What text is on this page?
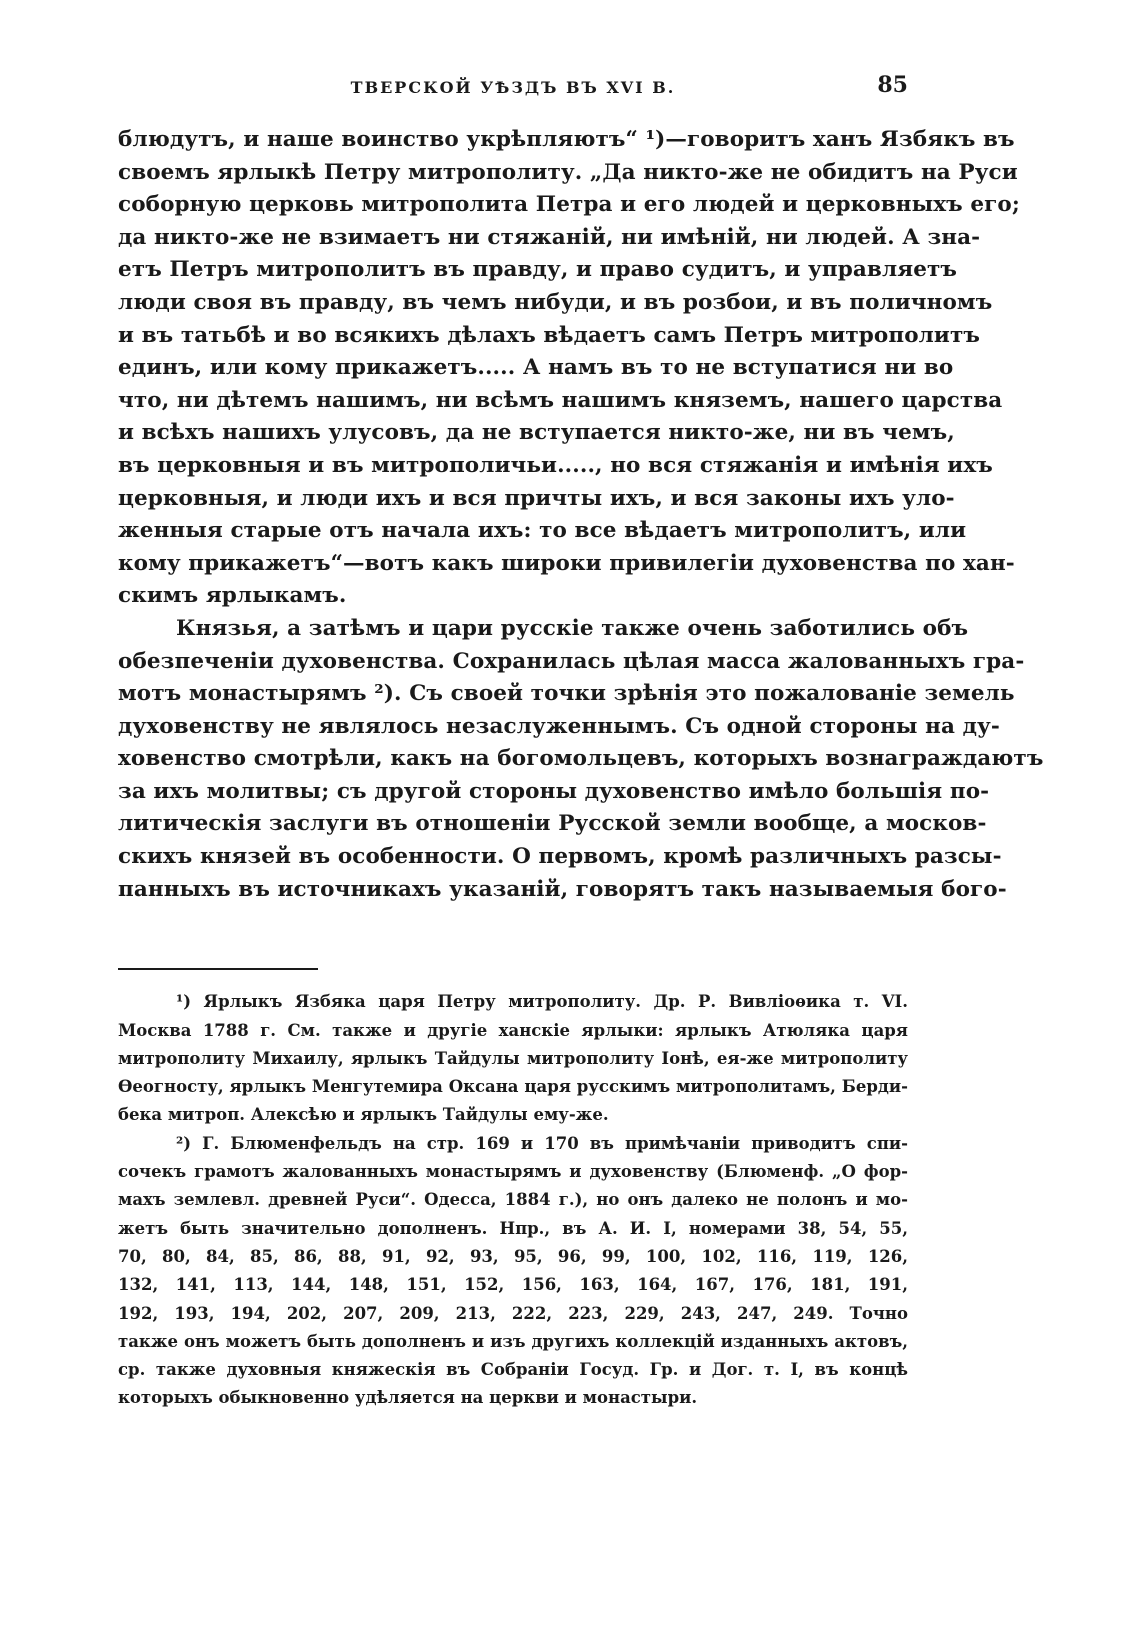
ТВЕРСКОЙ УѢЗДЪ ВЪ XVI В.	85
блюдутъ, и наше воинство укрѣпляютъ“ ¹)—говоритъ ханъ Язбякъ въ
своемъ ярлыкѣ Петру митрополиту. „Да никто-же не обидитъ на Руси
соборную церковь митрополита Петра и его людей и церковныхъ его;
да никто-же не взимаетъ ни стяжаній, ни имѣній, ни людей. А зна-
етъ Петръ митрополитъ въ правду, и право судитъ, и управляетъ
люди своя въ правду, въ чемъ нибуди, и въ розбои, и въ поличномъ
и въ татьбѣ и во всякихъ дѣлахъ вѣдаетъ самъ Петръ митрополитъ
единъ, или кому прикажетъ..... А намъ въ то не вступатися ни во
что, ни дѣтемъ нашимъ, ни всѣмъ нашимъ княземъ, нашего царства
и всѣхъ нашихъ улусовъ, да не вступается никто-же, ни въ чемъ,
въ церковныя и въ митрополичьи....., но вся стяжанія и имѣнія ихъ
церковныя, и люди ихъ и вся причты ихъ, и вся законы ихъ уло-
женныя старые отъ начала ихъ: то все вѣдаетъ митрополитъ, или
кому прикажетъ“—вотъ какъ широки привилегіи духовенства по хан-
скимъ ярлыкамъ.
Князья, а затѣмъ и цари русскіе также очень заботились объ
обезпеченіи духовенства. Сохранилась цѣлая масса жалованныхъ гра-
мотъ монастырямъ ²). Съ своей точки зрѣнія это пожалованіе земель
духовенству не являлось незаслуженнымъ. Съ одной стороны на ду-
ховенство смотрѣли, какъ на богомольцевъ, которыхъ вознаграждаютъ
за ихъ молитвы; съ другой стороны духовенство имѣло большія по-
литическія заслуги въ отношеніи Русской земли вообще, а москов-
скихъ князей въ особенности. О первомъ, кромѣ различныхъ разсы-
панныхъ въ источникахъ указаній, говорятъ такъ называемыя бого-
¹) Ярлыкъ Язбяка царя Петру митрополиту. Др. Р. Вивліоѳика т. VI.
Москва 1788 г. См. также и другіе ханскіе ярлыки: ярлыкъ Атюляка царя
митрополиту Михаилу, ярлыкъ Тайдулы митрополиту Іонѣ, ея-же митрополиту
Ѳеогносту, ярлыкъ Менгутемира Оксана царя русскимъ митрополитамъ, Берди-
бека митроп. Алексѣю и ярлыкъ Тайдулы ему-же.
²) Г. Блюменфельдъ на стр. 169 и 170 въ примѣчаніи приводитъ спи-
сочекъ грамотъ жалованныхъ монастырямъ и духовенству (Блюменф. „О фор-
махъ землевл. древней Руси“. Одесса, 1884 г.), но онъ далеко не полонъ и мо-
жетъ быть значительно дополненъ. Нпр., въ А. И. I, номерами 38, 54, 55,
70, 80, 84, 85, 86, 88, 91, 92, 93, 95, 96, 99, 100, 102, 116, 119, 126,
132, 141, 113, 144, 148, 151, 152, 156, 163, 164, 167, 176, 181, 191,
192, 193, 194, 202, 207, 209, 213, 222, 223, 229, 243, 247, 249. Точно
также онъ можетъ быть дополненъ и изъ другихъ коллекцій изданныхъ актовъ,
ср. также духовныя княжескія въ Собраніи Госуд. Гр. и Дог. т. I, въ концѣ
которыхъ обыкновенно удѣляется на церкви и монастыри.
